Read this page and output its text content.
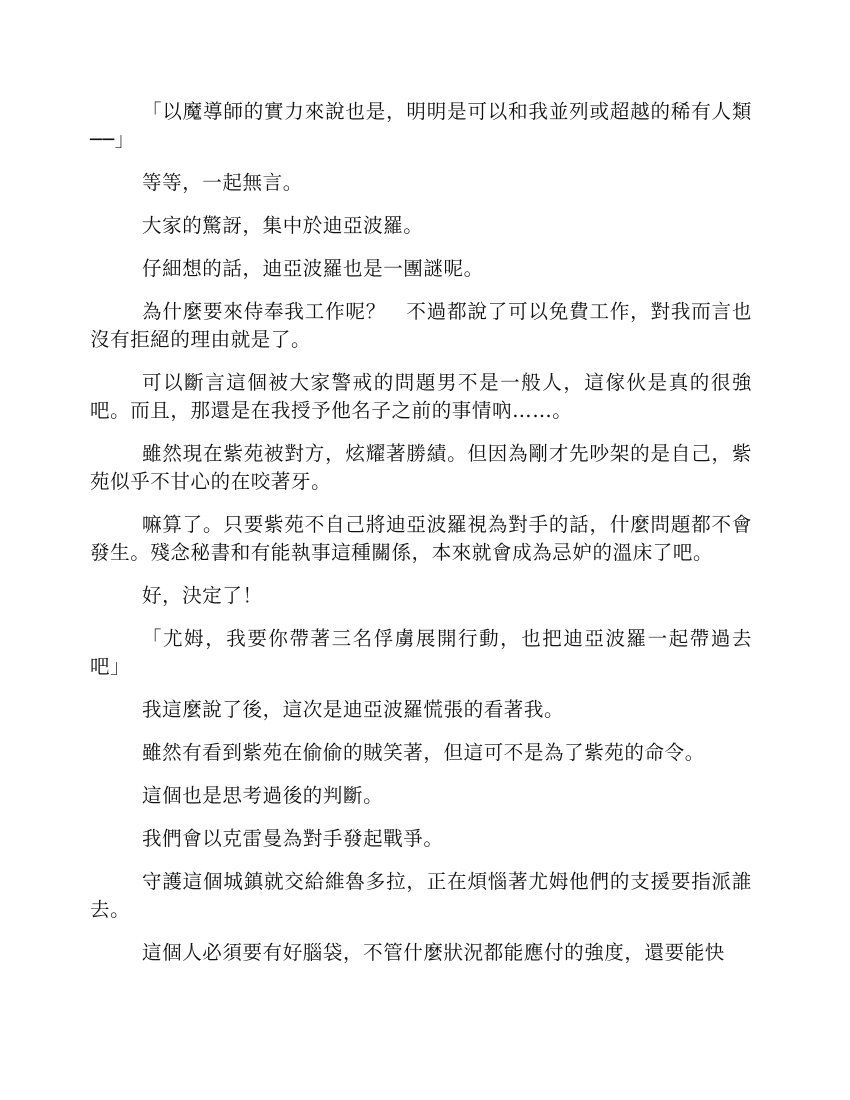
「以魔導師的實力來說也是，明明是可以和我並列或超越的稀有人類──」

等等，一起無言。

大家的驚訝，集中於迪亞波羅。

仔細想的話，迪亞波羅也是一團謎呢。

為什麼要來侍奉我工作呢？　不過都說了可以免費工作，對我而言也沒有拒絕的理由就是了。

可以斷言這個被大家警戒的問題男不是一般人，這傢伙是真的很強吧。而且，那還是在我授予他名子之前的事情吶……。

雖然現在紫苑被對方，炫耀著勝績。但因為剛才先吵架的是自己，紫苑似乎不甘心的在咬著牙。

嘛算了。只要紫苑不自己將迪亞波羅視為對手的話，什麼問題都不會發生。殘念秘書和有能執事這種關係，本來就會成為忌妒的溫床了吧。

好，決定了！

「尤姆，我要你帶著三名俘虜展開行動，也把迪亞波羅一起帶過去吧」

我這麼說了後，這次是迪亞波羅慌張的看著我。

雖然有看到紫苑在偷偷的賊笑著，但這可不是為了紫苑的命令。

這個也是思考過後的判斷。

我們會以克雷曼為對手發起戰爭。

守護這個城鎮就交給維魯多拉，正在煩惱著尤姆他們的支援要指派誰去。

這個人必須要有好腦袋，不管什麼狀況都能應付的強度，還要能快
